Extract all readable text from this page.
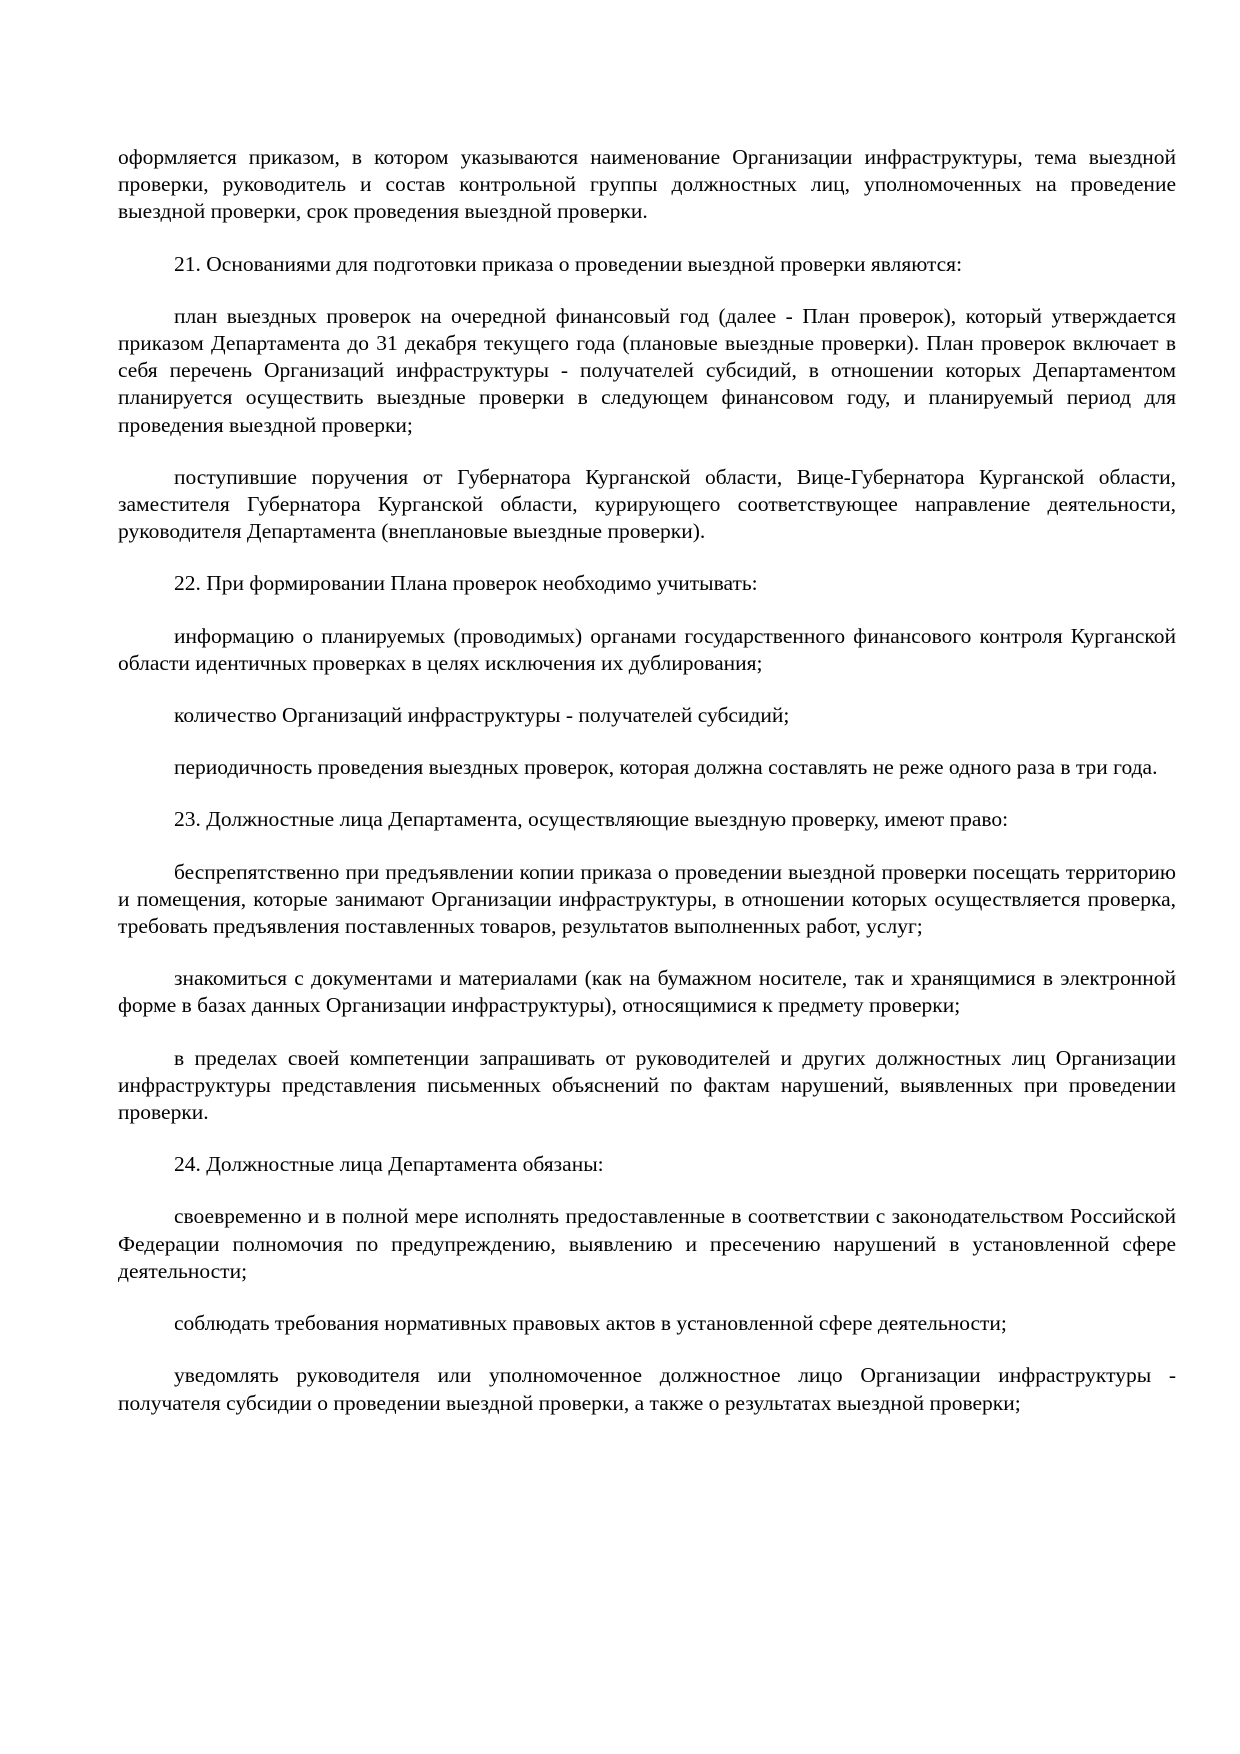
оформляется приказом, в котором указываются наименование Организации инфраструктуры, тема выездной проверки, руководитель и состав контрольной группы должностных лиц, уполномоченных на проведение выездной проверки, срок проведения выездной проверки.

21. Основаниями для подготовки приказа о проведении выездной проверки являются:

план выездных проверок на очередной финансовый год (далее - План проверок), который утверждается приказом Департамента до 31 декабря текущего года (плановые выездные проверки). План проверок включает в себя перечень Организаций инфраструктуры - получателей субсидий, в отношении которых Департаментом планируется осуществить выездные проверки в следующем финансовом году, и планируемый период для проведения выездной проверки;

поступившие поручения от Губернатора Курганской области, Вице-Губернатора Курганской области, заместителя Губернатора Курганской области, курирующего соответствующее направление деятельности, руководителя Департамента (внеплановые выездные проверки).

22. При формировании Плана проверок необходимо учитывать:

информацию о планируемых (проводимых) органами государственного финансового контроля Курганской области идентичных проверках в целях исключения их дублирования;

количество Организаций инфраструктуры - получателей субсидий;

периодичность проведения выездных проверок, которая должна составлять не реже одного раза в три года.

23. Должностные лица Департамента, осуществляющие выездную проверку, имеют право:

беспрепятственно при предъявлении копии приказа о проведении выездной проверки посещать территорию и помещения, которые занимают Организации инфраструктуры, в отношении которых осуществляется проверка, требовать предъявления поставленных товаров, результатов выполненных работ, услуг;

знакомиться с документами и материалами (как на бумажном носителе, так и хранящимися в электронной форме в базах данных Организации инфраструктуры), относящимися к предмету проверки;

в пределах своей компетенции запрашивать от руководителей и других должностных лиц Организации инфраструктуры представления письменных объяснений по фактам нарушений, выявленных при проведении проверки.

24. Должностные лица Департамента обязаны:

своевременно и в полной мере исполнять предоставленные в соответствии с законодательством Российской Федерации полномочия по предупреждению, выявлению и пресечению нарушений в установленной сфере деятельности;

соблюдать требования нормативных правовых актов в установленной сфере деятельности;

уведомлять руководителя или уполномоченное должностное лицо Организации инфраструктуры - получателя субсидии о проведении выездной проверки, а также о результатах выездной проверки;
